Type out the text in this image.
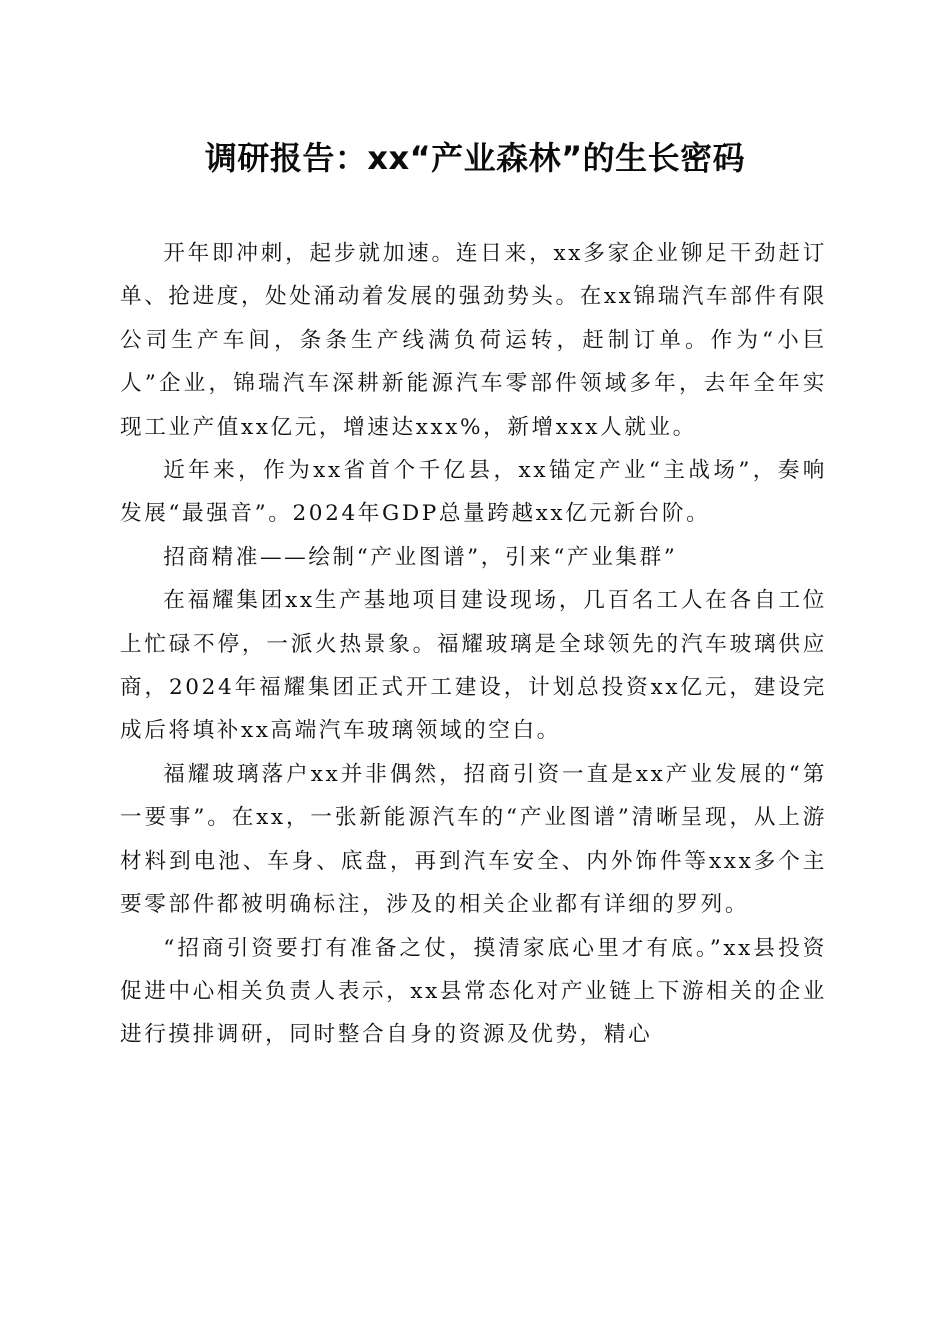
调研报告：xx“产业森林”的生长密码

开年即冲刺，起步就加速。连日来，xx多家企业铆足干劲赶订单、抢进度，处处涌动着发展的强劲势头。在xx锦瑞汽车部件有限公司生产车间，条条生产线满负荷运转，赶制订单。作为“小巨人”企业，锦瑞汽车深耕新能源汽车零部件领域多年，去年全年实现工业产值xx亿元，增速达xxx%，新增xxx人就业。

近年来，作为xx省首个千亿县，xx锚定产业“主战场”，奏响发展“最强音”。2024年GDP总量跨越xx亿元新台阶。

招商精准——绘制“产业图谱”，引来“产业集群”

在福耀集团xx生产基地项目建设现场，几百名工人在各自工位上忙碌不停，一派火热景象。福耀玻璃是全球领先的汽车玻璃供应商，2024年福耀集团正式开工建设，计划总投资xx亿元，建设完成后将填补xx高端汽车玻璃领域的空白。

福耀玻璃落户xx并非偶然，招商引资一直是xx产业发展的“第一要事”。在xx，一张新能源汽车的“产业图谱”清晰呈现，从上游材料到电池、车身、底盘，再到汽车安全、内外饰件等xxx多个主要零部件都被明确标注，涉及的相关企业都有详细的罗列。

“招商引资要打有准备之仗，摸清家底心里才有底。”xx县投资促进中心相关负责人表示，xx县常态化对产业链上下游相关的企业进行摸排调研，同时整合自身的资源及优势，精心
